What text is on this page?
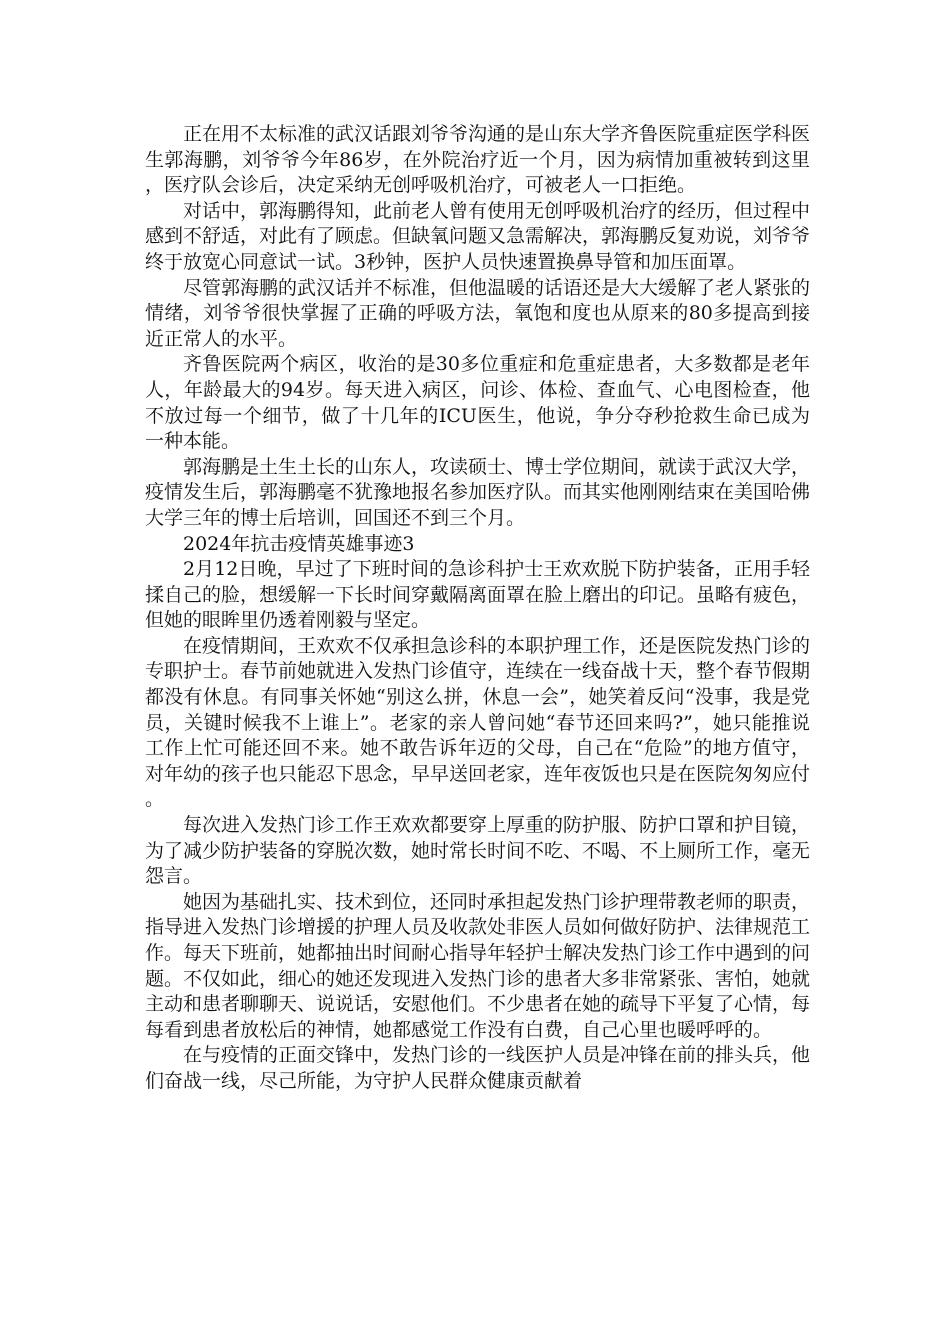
正在用不太标准的武汉话跟刘爷爷沟通的是山东大学齐鲁医院重症医学科医生郭海鹏，刘爷爷今年86岁，在外院治疗近一个月，因为病情加重被转到这里，医疗队会诊后，决定采纳无创呼吸机治疗，可被老人一口拒绝。

对话中，郭海鹏得知，此前老人曾有使用无创呼吸机治疗的经历，但过程中感到不舒适，对此有了顾虑。但缺氧问题又急需解决，郭海鹏反复劝说，刘爷爷终于放宽心同意试一试。3秒钟，医护人员快速置换鼻导管和加压面罩。

尽管郭海鹏的武汉话并不标准，但他温暖的话语还是大大缓解了老人紧张的情绪，刘爷爷很快掌握了正确的呼吸方法，氧饱和度也从原来的80多提高到接近正常人的水平。

齐鲁医院两个病区，收治的是30多位重症和危重症患者，大多数都是老年人，年龄最大的94岁。每天进入病区，问诊、体检、查血气、心电图检查，他不放过每一个细节，做了十几年的ICU医生，他说，争分夺秒抢救生命已成为一种本能。

郭海鹏是土生土长的山东人，攻读硕士、博士学位期间，就读于武汉大学，疫情发生后，郭海鹏毫不犹豫地报名参加医疗队。而其实他刚刚结束在美国哈佛大学三年的博士后培训，回国还不到三个月。

2024年抗击疫情英雄事迹3

2月12日晚，早过了下班时间的急诊科护士王欢欢脱下防护装备，正用手轻揉自己的脸，想缓解一下长时间穿戴隔离面罩在脸上磨出的印记。虽略有疲色，但她的眼眸里仍透着刚毅与坚定。

在疫情期间，王欢欢不仅承担急诊科的本职护理工作，还是医院发热门诊的专职护士。春节前她就进入发热门诊值守，连续在一线奋战十天，整个春节假期都没有休息。有同事关怀她“别这么拼，休息一会”，她笑着反问“没事，我是党员，关键时候我不上谁上”。老家的亲人曾问她“春节还回来吗?”，她只能推说工作上忙可能还回不来。她不敢告诉年迈的父母，自己在“危险”的地方值守，对年幼的孩子也只能忍下思念，早早送回老家，连年夜饭也只是在医院匆匆应付。

每次进入发热门诊工作王欢欢都要穿上厚重的防护服、防护口罩和护目镜，为了减少防护装备的穿脱次数，她时常长时间不吃、不喝、不上厕所工作，毫无怨言。

她因为基础扎实、技术到位，还同时承担起发热门诊护理带教老师的职责，指导进入发热门诊增援的护理人员及收款处非医人员如何做好防护、法律规范工作。每天下班前，她都抽出时间耐心指导年轻护士解决发热门诊工作中遇到的问题。不仅如此，细心的她还发现进入发热门诊的患者大多非常紧张、害怕，她就主动和患者聊聊天、说说话，安慰他们。不少患者在她的疏导下平复了心情，每每看到患者放松后的神情，她都感觉工作没有白费，自己心里也暖呼呼的。

在与疫情的正面交锋中，发热门诊的一线医护人员是冲锋在前的排头兵，他们奋战一线，尽己所能，为守护人民群众健康贡献着
